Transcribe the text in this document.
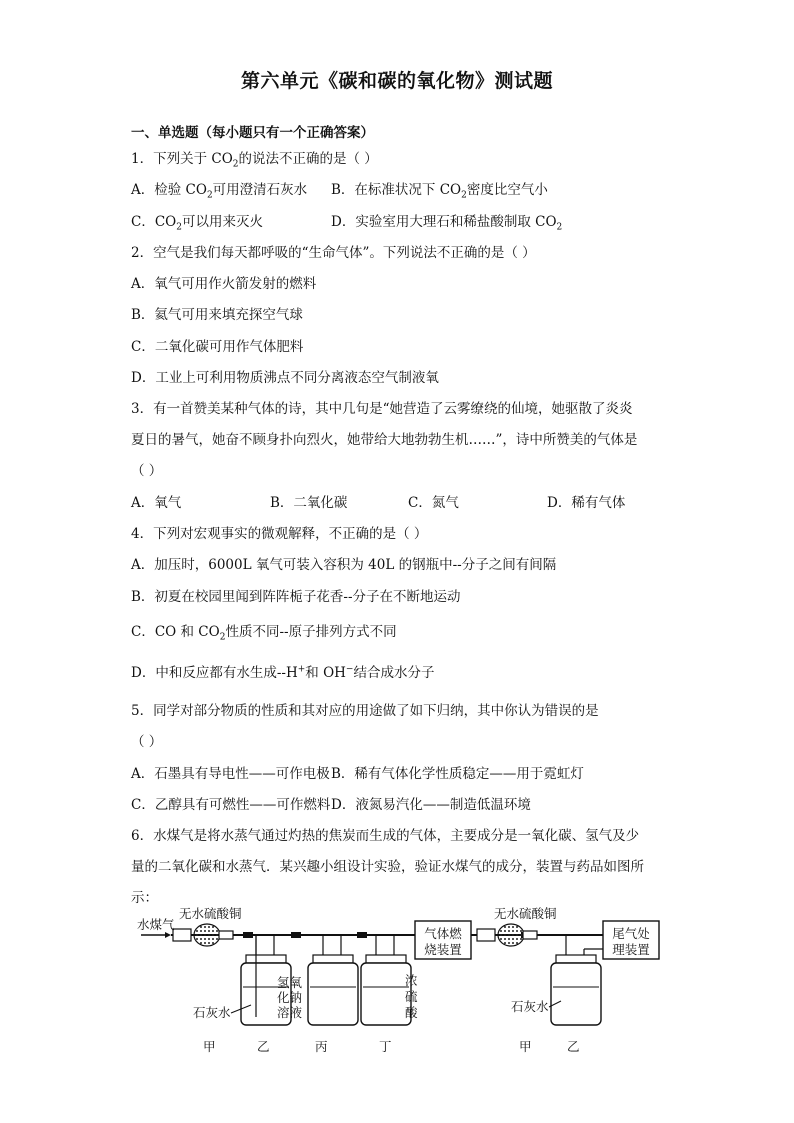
第六单元《碳和碳的氧化物》测试题
一、单选题（每小题只有一个正确答案）
1．下列关于 $CO_2$的说法不正确的是（ ）
A．检验 $CO_2$可用澄清石灰水 B．在标准状况下 $CO_2$密度比空气小
C．$CO_2$可以用来灭火	D．实验室用大理石和稀盐酸制取 $CO_2$
2．空气是我们每天都呼吸的“生命气体”。下列说法不正确的是（ ）
A．氧气可用作火箭发射的燃料
B．氦气可用来填充探空气球
C．二氧化碳可用作气体肥料
D．工业上可利用物质沸点不同分离液态空气制液氧
3．有一首赞美某种气体的诗，其中几句是“她营造了云雾缭绕的仙境，她驱散了炎炎
夏日的暑气，她奋不顾身扑向烈火，她带给大地勃勃生机……”，诗中所赞美的气体是
（ ）
A．氧气	B．二氧化碳	C．氮气	D．稀有气体
4．下列对宏观事实的微观解释，不正确的是（ ）
A．加压时，6000L 氧气可装入容积为 40L 的钢瓶中--分子之间有间隔
B．初夏在校园里闻到阵阵栀子花香--分子在不断地运动
C．CO 和 $CO_2$性质不同--原子排列方式不同
D．中和反应都有水生成--H+和 OH−结合成水分子
5．同学对部分物质的性质和其对应的用途做了如下归纳，其中你认为错误的是
（ ）
A．石墨具有导电性——可作电极 B．稀有气体化学性质稳定——用于霓虹灯
C．乙醇具有可燃性——可作燃料 D．液氮易汽化——制造低温环境
6．水煤气是将水蒸气通过灼热的焦炭而生成的气体，主要成分是一氧化碳、氢气及少
量的二氧化碳和水蒸气．某兴趣小组设计实验，验证水煤气的成分，装置与药品如图所
示：
气体燃
烧装置
尾气处
理装置
无水硫酸铜	无水硫酸铜
水煤气
石灰水
氢氧
化钠
溶液
浓
硫
酸	石灰水
甲	乙	丙	丁	甲	乙
